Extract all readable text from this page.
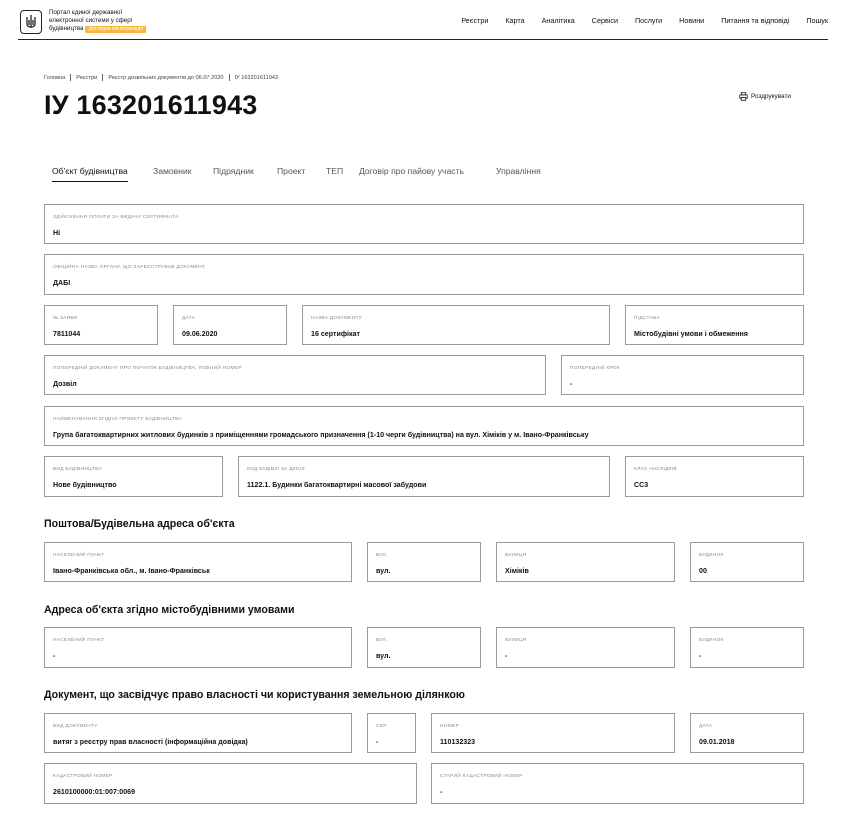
Портал єдиної державної
електронної системи у сфері
будівництва Дослідна експлуатація
Реєстри Карта Аналітика Сервіси Послуги Новини Питання та відповіді Пошук
Головна Реєстри Реєстр дозвільних документів до 06.07.2020 ІУ 163201611943
ІУ 163201611943	Роздрукувати
Об'єкт будівництва	Замовник Підрядник	Проект ТЕП Договір про пайову участь	Управління
ЗДІЙСНЕННЯ ОПЛАТИ ЗА ВИДАЧУ СЕРТИФІКАТА
Ні
ОФІЦІЙНА НАЗВА ОРГАНУ, ЩО ЗАРЕЄСТРУВАВ ДОКУМЕНТ
ДАБІ
№ ЗАЯВИ
7811044
ДАТА
09.06.2020
НАЗВА ДОКУМЕНТУ
16 сертифікат
ПІДСТАВА
Містобудівні умови і обмеження
ПОПЕРЕДНІЙ ДОКУМЕНТ ПРО ПОЧАТОК БУДІВНИЦТВА, ПОВНИЙ НОМЕР
Дозвіл
ПОПЕРЕДНІЙ КРОК
-
НАЙМЕНУВАННЯ ЗГІДНО ПРОЕКТУ БУДІВНИЦТВА
Група багатоквартирних житлових будинків з приміщеннями громадського призначення (1-10 черги будівництва) на вул. Хіміків у м. Івано-Франківську
ВИД БУДІВНИЦТВА
Нове будівництво
КОД БУДІВЛІ ЗА ДК018
1122.1. Будинки багатоквартирні масової забудови
КЛАС НАСЛІДКІВ
СС3
Поштова/Будівельна адреса об'єкта
НАСЕЛЕНИЙ ПУНКТ
Івано-Франківська обл., м. Івано-Франківськ
ВУЛ.
вул.
ВУЛИЦЯ
Хіміків
БУДИНОК
00
Адреса об'єкта згідно містобудівними умовами
НАСЕЛЕНИЙ ПУНКТ
-
ВУЛ.
вул.
ВУЛИЦЯ
-
БУДИНОК
-
Документ, що засвідчує право власності чи користування земельною ділянкою
ВИД ДОКУМЕНТУ
витяг з реєстру прав власності (інформаційна довідка)
СЕР.
-
НОМЕР
110132323
ДАТА
09.01.2018
КАДАСТРОВИЙ НОМЕР
2610100000:01:007:0069
СТАРИЙ КАДАСТРОВИЙ НОМЕР
-
